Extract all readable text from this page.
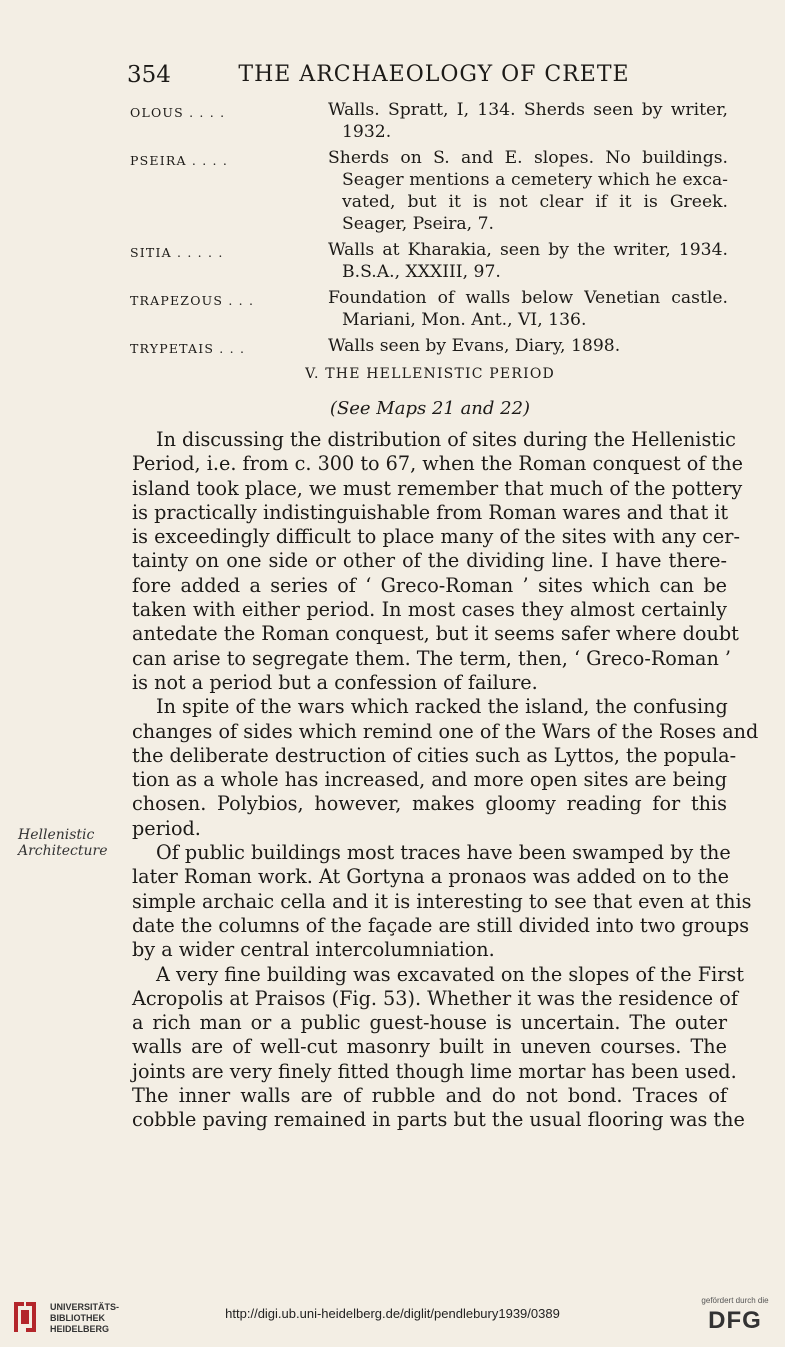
354	THE ARCHAEOLOGY OF CRETE
OLOUS . . . .	Walls. Spratt, I, 134. Sherds seen by writer,
1932.
PSEIRA . . . .	Sherds on S. and E. slopes. No buildings.
Seager mentions a cemetery which he exca-
vated, but it is not clear if it is Greek.
Seager, Pseira, 7.
SITIA . . . . .	Walls at Kharakia, seen by the writer, 1934.
B.S.A., XXXIII, 97.
TRAPEZOUS . . .	Foundation of walls below Venetian castle.
Mariani, Mon. Ant., VI, 136.
TRYPETAIS . . .	Walls seen by Evans, Diary, 1898.
V. THE HELLENISTIC PERIOD
(See Maps 21 and 22)
In discussing the distribution of sites during the Hellenistic
Period, i.e. from c. 300 to 67, when the Roman conquest of the
island took place, we must remember that much of the pottery
is practically indistinguishable from Roman wares and that it
is exceedingly difficult to place many of the sites with any cer-
tainty on one side or other of the dividing line. I have there-
fore added a series of ‘ Greco-Roman ’ sites which can be
taken with either period. In most cases they almost certainly
antedate the Roman conquest, but it seems safer where doubt
can arise to segregate them. The term, then, ‘ Greco-Roman ’
is not a period but a confession of failure.
In spite of the wars which racked the island, the confusing
changes of sides which remind one of the Wars of the Roses and
the deliberate destruction of cities such as Lyttos, the popula-
tion as a whole has increased, and more open sites are being
chosen. Polybios, however, makes gloomy reading for this
period.
Of public buildings most traces have been swamped by the
later Roman work. At Gortyna a pronaos was added on to the
simple archaic cella and it is interesting to see that even at this
date the columns of the façade are still divided into two groups
by a wider central intercolumniation.
A very fine building was excavated on the slopes of the First
Acropolis at Praisos (Fig. 53). Whether it was the residence of
a rich man or a public guest-house is uncertain. The outer
walls are of well-cut masonry built in uneven courses. The
joints are very finely fitted though lime mortar has been used.
The inner walls are of rubble and do not bond. Traces of
cobble paving remained in parts but the usual flooring was the
Hellenistic
Architecture
UNIVERSITÄTS-
BIBLIOTHEK
HEIDELBERG
http://digi.ub.uni-heidelberg.de/diglit/pendlebury1939/0389
gefördert durch die
DFG
